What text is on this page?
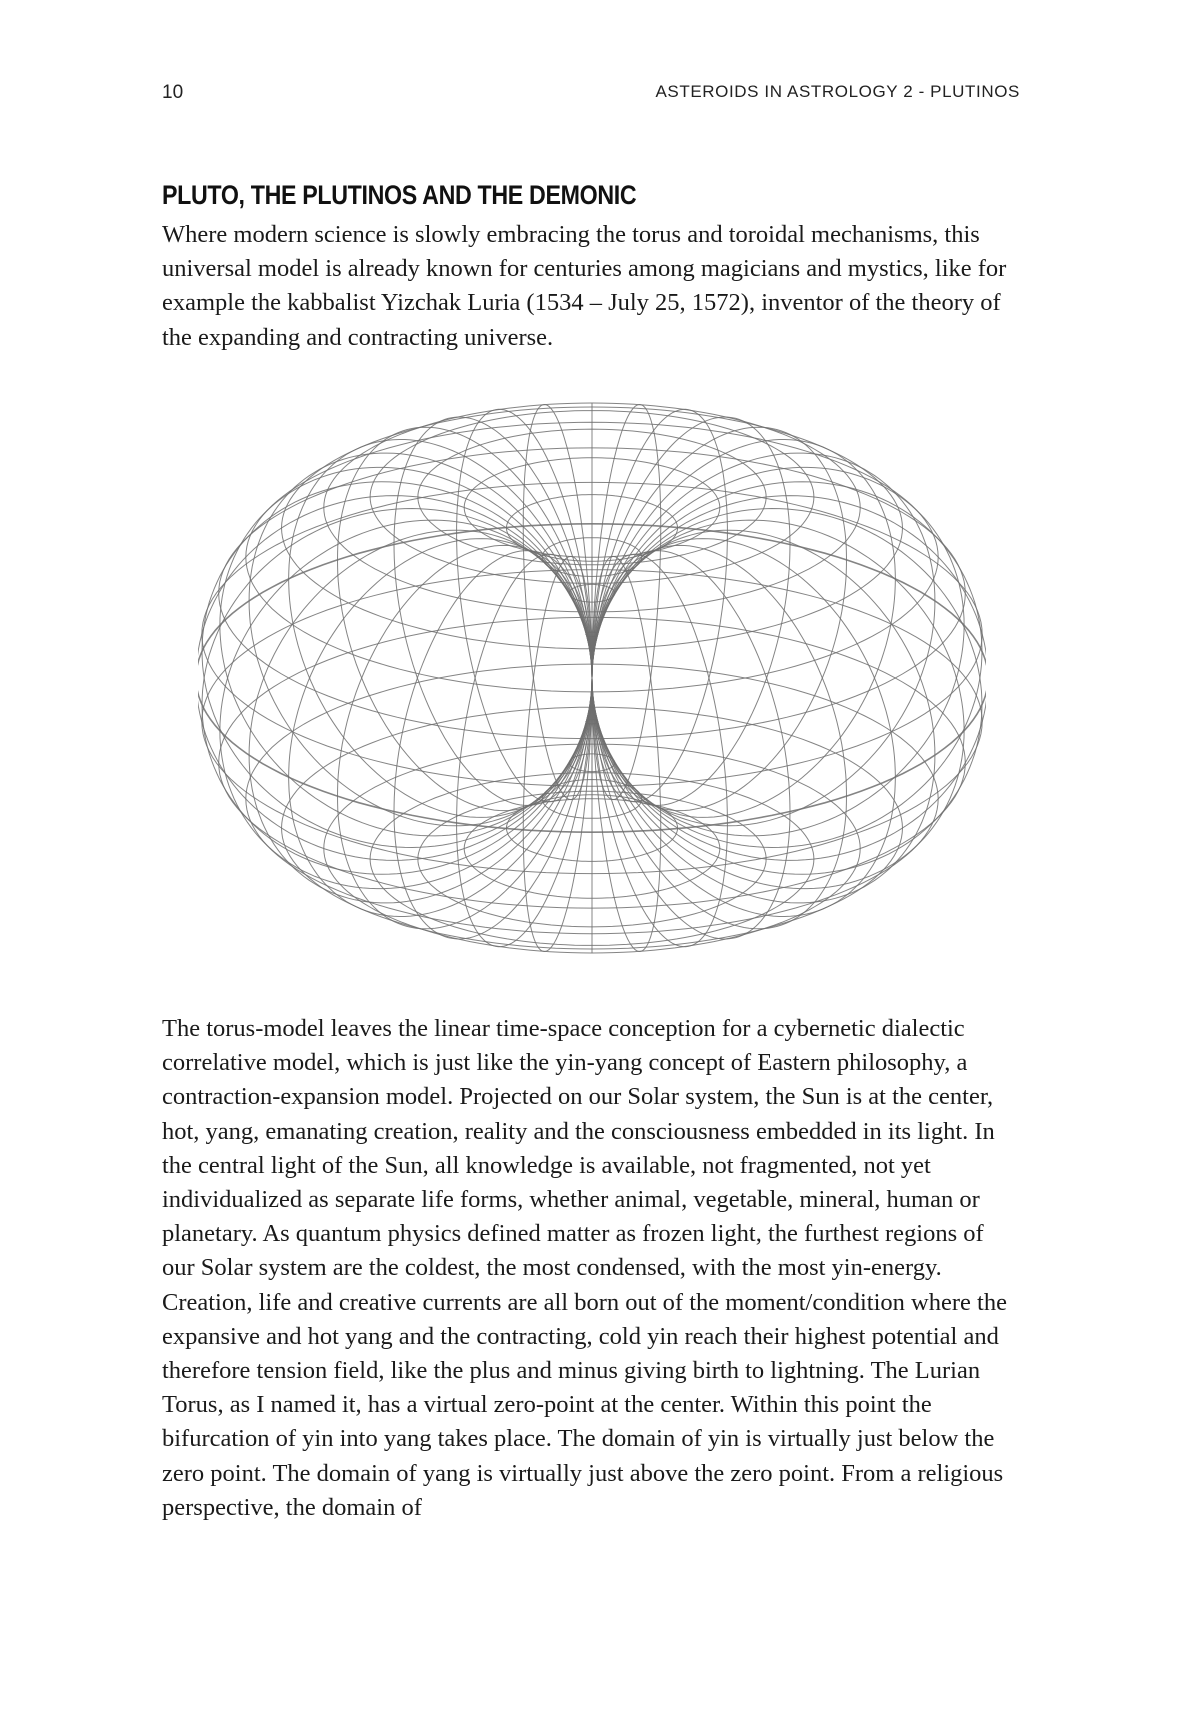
10	ASTEROIDS IN ASTROLOGY 2 - PLUTINOS
PLUTO, THE PLUTINOS AND THE DEMONIC

Where modern science is slowly embracing the torus and toroidal mechanisms, this universal model is already known for centuries among magicians and mystics, like for example the kabbalist Yizchak Luria (1534 – July 25, 1572), inventor of the theory of the expanding and contracting universe.

The torus-model leaves the linear time-space conception for a cybernetic dialectic correlative model, which is just like the yin-yang concept of Eastern philosophy, a contraction-expansion model. Projected on our Solar system, the Sun is at the center, hot, yang, emanating creation, reality and the consciousness embedded in its light. In the central light of the Sun, all knowledge is available, not fragmented, not yet individualized as separate life forms, whether animal, vegetable, mineral, human or planetary. As quantum physics defined matter as frozen light, the furthest regions of our Solar system are the coldest, the most condensed, with the most yin-energy. Creation, life and creative currents are all born out of the moment/condition where the expansive and hot yang and the contracting, cold yin reach their highest potential and therefore tension field, like the plus and minus giving birth to lightning. The Lurian Torus, as I named it, has a virtual zero-point at the center. Within this point the bifurcation of yin into yang takes place. The domain of yin is virtually just below the zero point. The domain of yang is virtually just above the zero point. From a religious perspective, the domain of
